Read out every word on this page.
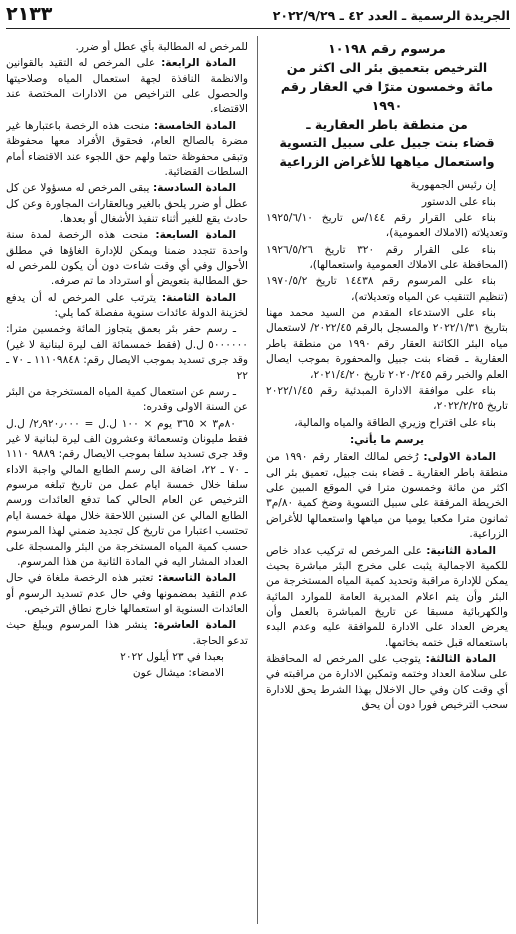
الجريدة الرسمية ـ العدد ٤٢ ـ ٢٠٢٢/٩/٢٩
٢١٣٣
مرسوم رقم ١٠١٩٨
الترخيص بتعميق بئر الى اكثر من
مائة وخمسون مترًا في العقار رقم ١٩٩٠
من منطقة باطر العقارية ـ
قضاء بنت جبيل على سبيل التسوية
واستعمال مياهها للأغراض الزراعية

إن رئيس الجمهورية

بناء على الدستور

بناء على القرار رقم ١٤٤/س تاريخ ١٩٢٥/٦/١٠ وتعديلاته (الاملاك العمومية)،

بناء على القرار رقم ٣٢٠ تاريخ ١٩٢٦/٥/٢٦ (المحافظة على الاملاك العمومية واستعمالها)،

بناء على المرسوم رقم ١٤٤٣٨ تاريخ ١٩٧٠/٥/٢ (تنظيم التنقيب عن المياه وتعديلاته)،

بناء على الاستدعاء المقدم من السيد محمد مهنا بتاريخ ٢٠٢٢/١/٣١ والمسجل بالرقم ٢٠٢٢/٤٥/ لاستعمال مياه البئر الكائنة العقار رقم ١٩٩٠ من منطقة باطر العقارية ـ قضاء بنت جبيل والمحفورة بموجب ايصال العلم والخبر رقم ٢٠٢٠/٢٤٥ تاريخ ٢٠٢١/٤/٢٠،

بناء على موافقة الادارة المبدئية رقم ٢٠٢٢/١/٤٥ تاريخ ٢٠٢٢/٢/٢٥،

بناء على اقتراح وزيري الطاقة والمياه والمالية،

يرسم ما يأتي:

المادة الاولى: رُخص لمالك العقار رقم ١٩٩٠ من منطقة باطر العقارية ـ قضاء بنت جبيل، تعميق بئر الى اكثر من مائة وخمسون مترا في الموقع المبين على الخريطة المرفقة على سبيل التسوية وضخ كمية ٨٠/م٣ ثمانون مترا مكعبا يوميا من مياهها واستعمالها للأغراض الزراعية.

المادة الثانية: على المرخص له تركيب عداد خاص للكمية الاجمالية يثبت على مخرج البئر مباشرة بحيث يمكن للإدارة مراقبة وتحديد كمية المياه المستخرجة من البئر وأن يتم اعلام المديرية العامة للموارد المائية والكهربائية مسبقا عن تاريخ المباشرة بالعمل وأن يعرض العداد على الادارة للموافقة عليه وعدم البدء باستعماله قبل ختمه بخاتمها.

المادة الثالثة: يتوجب على المرخص له المحافظة على سلامة العداد وختمه وتمكين الادارة من مراقبته في أي وقت كان وفي حال الاخلال بهذا الشرط يحق للادارة سحب الترخيص فورا دون أن يحق

للمرخص له المطالبة بأي عطل أو ضرر.

المادة الرابعة: على المرخص له التقيد بالقوانين والانظمة النافذة لجهة استعمال المياه وصلاحيتها والحصول على التراخيص من الادارات المختصة عند الاقتضاء.

المادة الخامسة: منحت هذه الرخصة باعتبارها غير مضرة بالصالح العام، فحقوق الأفراد معها محفوظة وتبقى محفوظة حتما ولهم حق اللجوء عند الاقتضاء أمام السلطات القضائية.

المادة السادسة: يبقى المرخص له مسؤولا عن كل عطل أو ضرر يلحق بالغير وبالعقارات المجاورة وعن كل حادث يقع للغير أثناء تنفيذ الأشغال أو بعدها.

المادة السابعة: منحت هذه الرخصة لمدة سنة واحدة تتجدد ضمنا ويمكن للإدارة الغاؤها في مطلق الأحوال وفي أي وقت شاءت دون أن يكون للمرخص له حق المطالبة بتعويض أو استرداد ما تم صرفه.

المادة الثامنة: يترتب على المرخص له أن يدفع لخزينة الدولة عائدات سنوية مفصلة كما يلي:

ـ رسم حفر بئر بعمق يتجاوز المائة وخمسين مترا: ٥٠٠٠٠٠٠ ل.ل (فقط خمسمائة الف ليرة لبنانية لا غير) وقد جرى تسديد بموجب الايصال رقم: ١١١٠٩٨٤٨ ـ ٧٠ ـ ٢٢

ـ رسم عن استعمال كمية المياه المستخرجة من البئر عن السنة الاولى وقدره:

٨٠م٣ × ٣٦٥ يوم × ١٠٠ ل.ل = ٢٫٩٢٠٫٠٠٠/ ل.ل فقط مليونان وتسعمائة وعشرون الف ليرة لبنانية لا غير وقد جرى تسديد سلفا بموجب الايصال رقم: ٩٨٨٩ ١١١٠ ـ ٧٠ ـ ٢٢، اضافة الى رسم الطابع المالي واجبة الاداء سلفا خلال خمسة ايام عمل من تاريخ تبلغه مرسوم الترخيص عن العام الحالي كما تدفع العائدات ورسم الطابع المالي عن السنين اللاحقة خلال مهلة خمسة ايام تحتسب اعتبارا من تاريخ كل تجديد ضمني لهذا المرسوم حسب كمية المياه المستخرجة من البئر والمسجلة على العداد المشار اليه في المادة الثانية من هذا المرسوم.

المادة التاسعة: تعتبر هذه الرخصة ملغاة في حال عدم التقيد بمضمونها وفي حال عدم تسديد الرسوم أو العائدات السنوية او استعمالها خارج نطاق الترخيص.

المادة العاشرة: ينشر هذا المرسوم ويبلغ حيث تدعو الحاجة.

بعبدا في ٢٣ أيلول ٢٠٢٢

الامضاء: ميشال عون
